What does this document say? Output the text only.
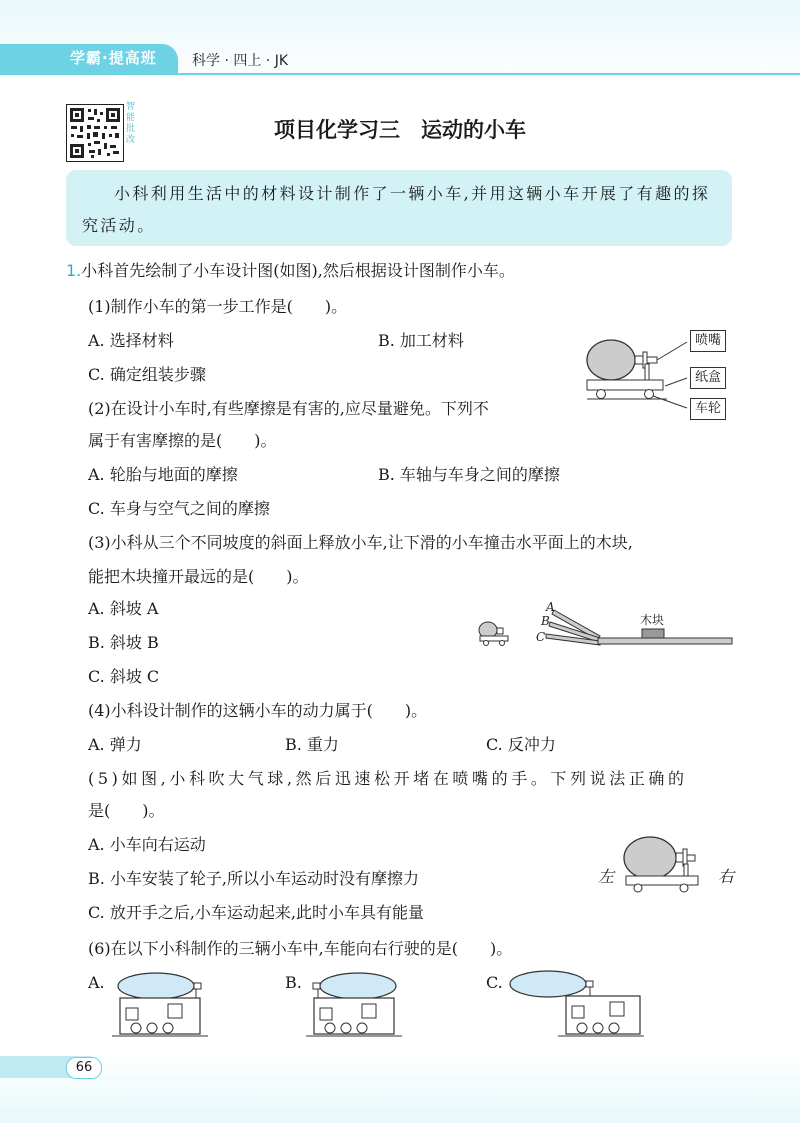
学霸·提高班	科学 · 四上 · JK
智能批改	项目化学习三　运动的小车
小科利用生活中的材料设计制作了一辆小车,并用这辆小车开展了有趣的探究活动。
1.小科首先绘制了小车设计图(如图),然后根据设计图制作小车。
(1)制作小车的第一步工作是(　　)。
A. 选择材料	B. 加工材料
C. 确定组装步骤
喷嘴
纸盒
车轮
(2)在设计小车时,有些摩擦是有害的,应尽量避免。下列不
属于有害摩擦的是(　　)。
A. 轮胎与地面的摩擦	B. 车轴与车身之间的摩擦
C. 车身与空气之间的摩擦
(3)小科从三个不同坡度的斜面上释放小车,让下滑的小车撞击水平面上的木块,
能把木块撞开最远的是(　　)。
A. 斜坡 A
B. 斜坡 B
C. 斜坡 C
A
B
C
木块
(4)小科设计制作的这辆小车的动力属于(　　)。
A. 弹力	B. 重力	C. 反冲力
(5)如图,小科吹大气球,然后迅速松开堵在喷嘴的手。下列说法正确的
是(　　)。
A. 小车向右运动
B. 小车安装了轮子,所以小车运动时没有摩擦力
C. 放开手之后,小车运动起来,此时小车具有能量
左	右
(6)在以下小科制作的三辆小车中,车能向右行驶的是(　　)。
A.	B.	C.
66
